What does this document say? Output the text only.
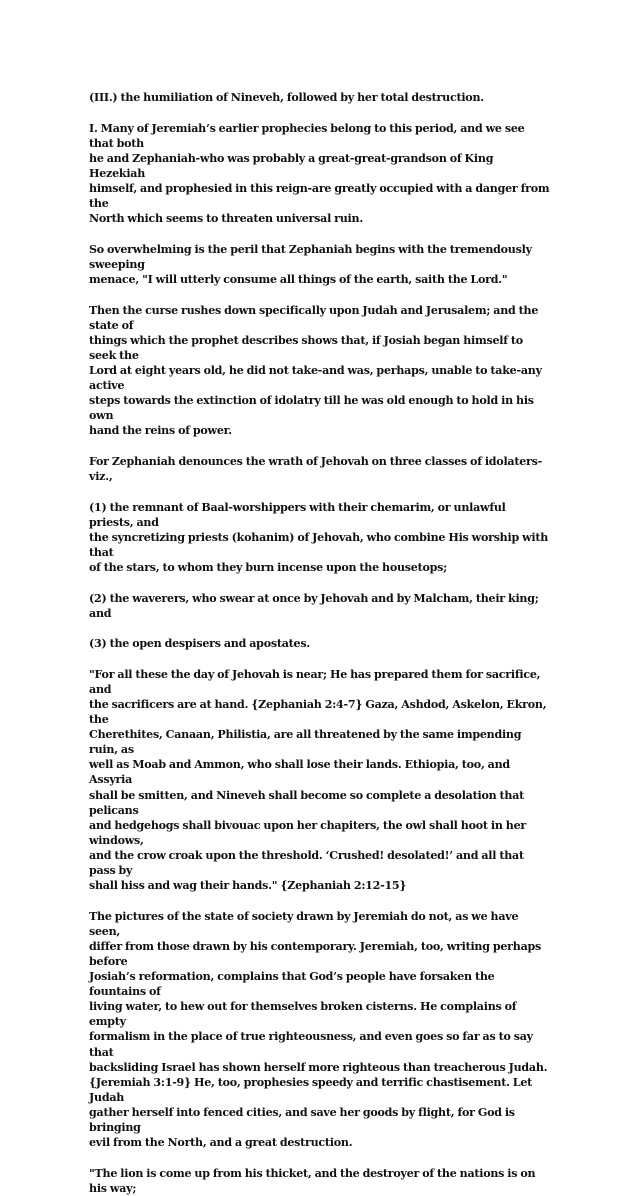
(III.) the humiliation of Nineveh, followed by her total destruction.

I. Many of Jeremiah’s earlier prophecies belong to this period, and we see that both
he and Zephaniah-who was probably a great-great-grandson of King Hezekiah
himself, and prophesied in this reign-are greatly occupied with a danger from the
North which seems to threaten universal ruin.

So overwhelming is the peril that Zephaniah begins with the tremendously sweeping
menace, "I will utterly consume all things of the earth, saith the Lord."

Then the curse rushes down specifically upon Judah and Jerusalem; and the state of
things which the prophet describes shows that, if Josiah began himself to seek the
Lord at eight years old, he did not take-and was, perhaps, unable to take-any active
steps towards the extinction of idolatry till he was old enough to hold in his own
hand the reins of power.

For Zephaniah denounces the wrath of Jehovah on three classes of idolaters-viz.,

(1) the remnant of Baal-worshippers with their chemarim, or unlawful priests, and
the syncretizing priests (kohanim) of Jehovah, who combine His worship with that
of the stars, to whom they burn incense upon the housetops;

(2) the waverers, who swear at once by Jehovah and by Malcham, their king; and

(3) the open despisers and apostates.

"For all these the day of Jehovah is near; He has prepared them for sacrifice, and
the sacrificers are at hand. {Zephaniah 2:4-7} Gaza, Ashdod, Askelon, Ekron, the
Cherethites, Canaan, Philistia, are all threatened by the same impending ruin, as
well as Moab and Ammon, who shall lose their lands. Ethiopia, too, and Assyria
shall be smitten, and Nineveh shall become so complete a desolation that pelicans
and hedgehogs shall bivouac upon her chapiters, the owl shall hoot in her windows,
and the crow croak upon the threshold. ‘Crushed! desolated!’ and all that pass by
shall hiss and wag their hands." {Zephaniah 2:12-15}

The pictures of the state of society drawn by Jeremiah do not, as we have seen,
differ from those drawn by his contemporary. Jeremiah, too, writing perhaps before
Josiah’s reformation, complains that God’s people have forsaken the fountains of
living water, to hew out for themselves broken cisterns. He complains of empty
formalism in the place of true righteousness, and even goes so far as to say that
backsliding Israel has shown herself more righteous than treacherous Judah.
{Jeremiah 3:1-9} He, too, prophesies speedy and terrific chastisement. Let Judah
gather herself into fenced cities, and save her goods by flight, for God is bringing
evil from the North, and a great destruction.

"The lion is come up from his thicket, and the destroyer of the nations is on his way;
